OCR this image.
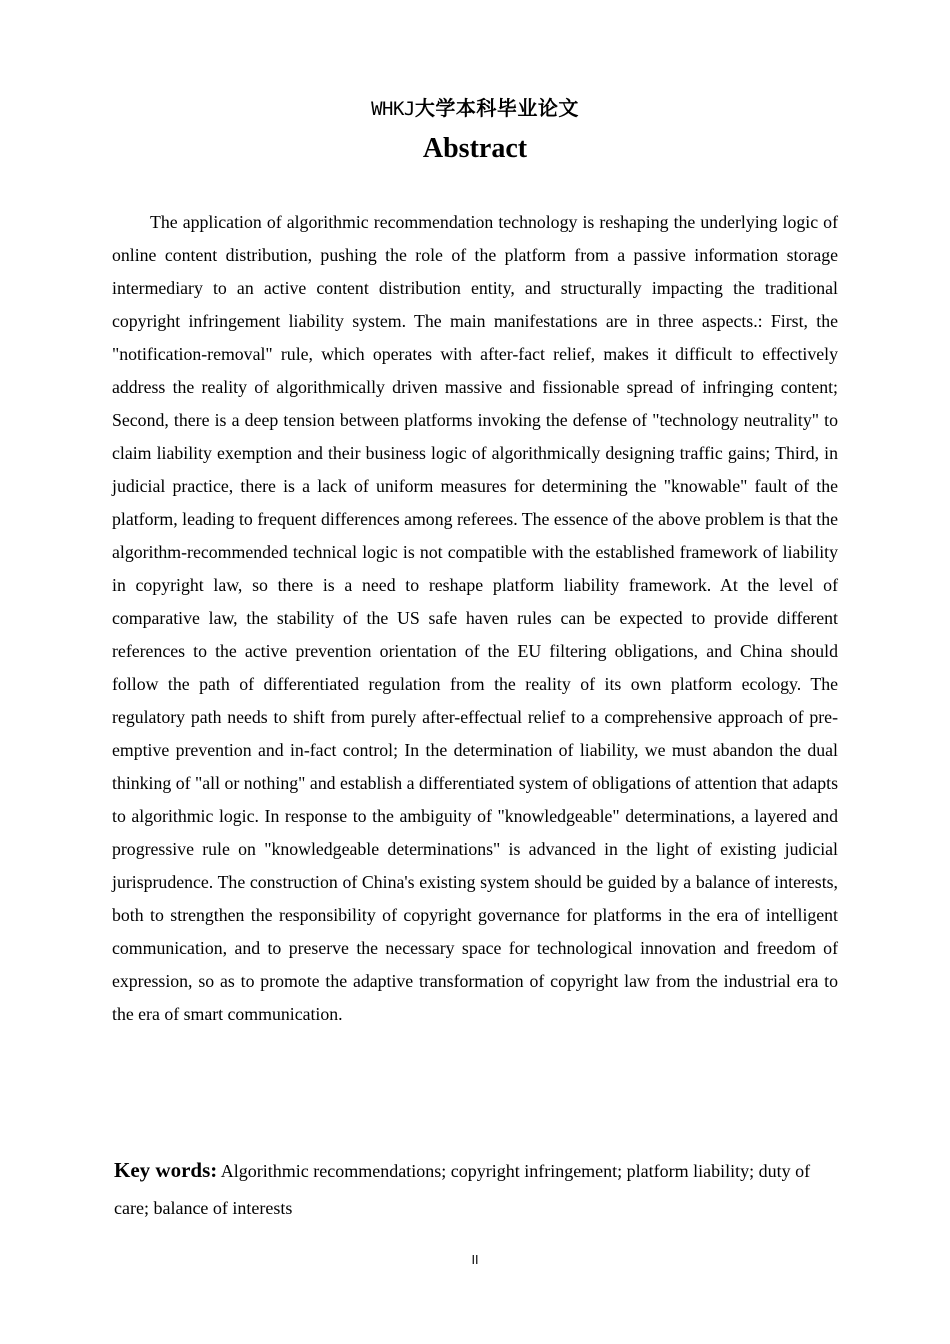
WHKJ大学本科毕业论文
Abstract

The application of algorithmic recommendation technology is reshaping the underlying logic of online content distribution, pushing the role of the platform from a passive information storage intermediary to an active content distribution entity, and structurally impacting the traditional copyright infringement liability system. The main manifestations are in three aspects.: First, the "notification-removal" rule, which operates with after-fact relief, makes it difficult to effectively address the reality of algorithmically driven massive and fissionable spread of infringing content; Second, there is a deep tension between platforms invoking the defense of "technology neutrality" to claim liability exemption and their business logic of algorithmically designing traffic gains; Third, in judicial practice, there is a lack of uniform measures for determining the "knowable" fault of the platform, leading to frequent differences among referees. The essence of the above problem is that the algorithm-recommended technical logic is not compatible with the established framework of liability in copyright law, so there is a need to reshape platform liability framework. At the level of comparative law, the stability of the US safe haven rules can be expected to provide different references to the active prevention orientation of the EU filtering obligations, and China should follow the path of differentiated regulation from the reality of its own platform ecology. The regulatory path needs to shift from purely after-effectual relief to a comprehensive approach of pre-emptive prevention and in-fact control; In the determination of liability, we must abandon the dual thinking of "all or nothing" and establish a differentiated system of obligations of attention that adapts to algorithmic logic. In response to the ambiguity of "knowledgeable" determinations, a layered and progressive rule on "knowledgeable determinations" is advanced in the light of existing judicial jurisprudence. The construction of China's existing system should be guided by a balance of interests, both to strengthen the responsibility of copyright governance for platforms in the era of intelligent communication, and to preserve the necessary space for technological innovation and freedom of expression, so as to promote the adaptive transformation of copyright law from the industrial era to the era of smart communication.

Key words: Algorithmic recommendations; copyright infringement; platform liability; duty of care; balance of interests

II
